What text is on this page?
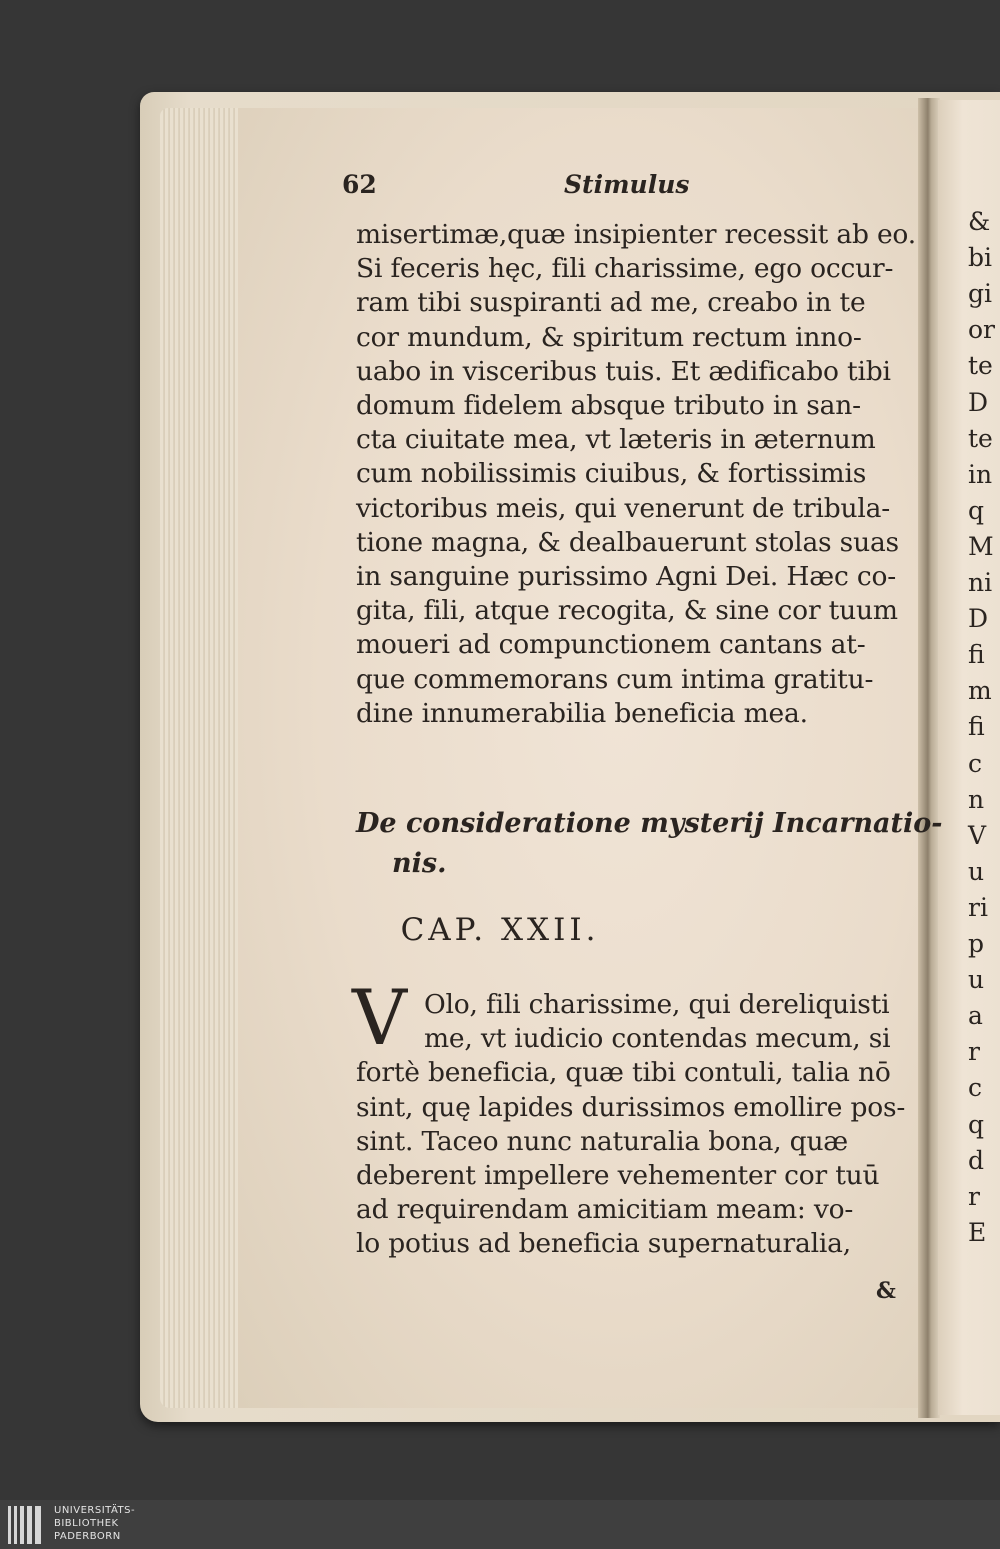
62	Stimulus
misertimæ,quæ insipienter recessit ab eo.
Si feceris hęc, fili charissime, ego occur-
ram tibi suspiranti ad me, creabo in te
cor mundum, & spiritum rectum inno-
uabo in visceribus tuis. Et ædificabo tibi
domum fidelem absque tributo in san-
cta ciuitate mea, vt læteris in æternum
cum nobilissimis ciuibus, & fortissimis
victoribus meis, qui venerunt de tribula-
tione magna, & dealbauerunt stolas suas
in sanguine purissimo Agni Dei. Hæc co-
gita, fili, atque recogita, & sine cor tuum
moueri ad compunctionem cantans at-
que commemorans cum intima gratitu-
dine innumerabilia beneficia mea.
De consideratione mysterij Incarnatio-
nis.
CAP. XXII.
V Olo, fili charissime, qui dereliquisti
me, vt iudicio contendas mecum, si
fortè beneficia, quæ tibi contuli, talia nō
sint, quę lapides durissimos emollire pos-
sint. Taceo nunc naturalia bona, quæ
deberent impellere vehementer cor tuū
ad requirendam amicitiam meam: vo-
lo potius ad beneficia supernaturalia,
&
&
bi
gi
or
te
D
te
in
q
M
ni
D
fi
m
fi
c
n
V
u
ri
p
u
a
r
c
q
d
r
E
UNIVERSITÄTS-
BIBLIOTHEK
PADERBORN
